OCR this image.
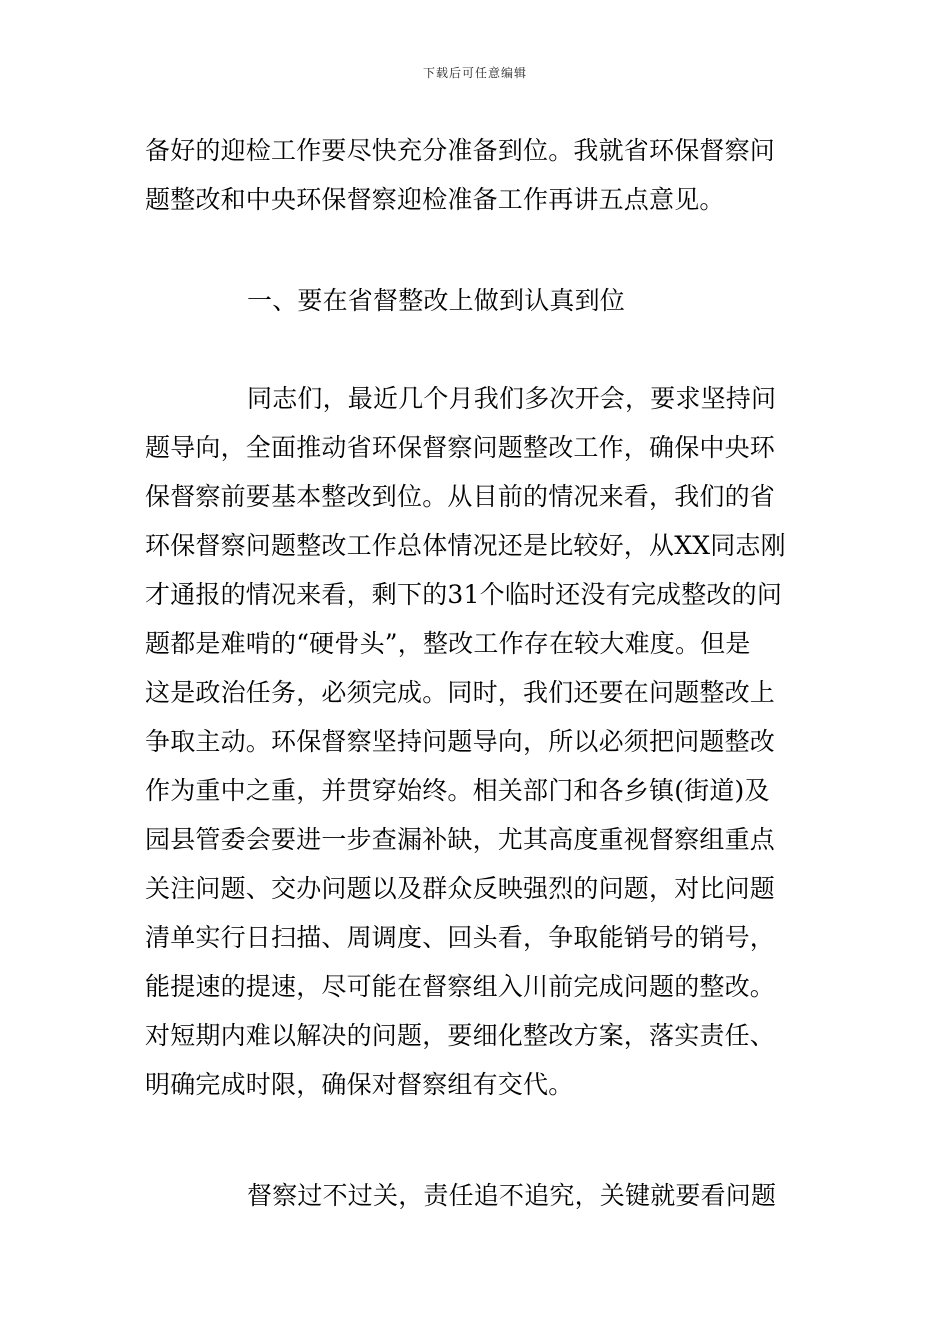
下载后可任意编辑
备好的迎检工作要尽快充分准备到位。我就省环保督察问
题整改和中央环保督察迎检准备工作再讲五点意见。
一、要在省督整改上做到认真到位
同志们，最近几个月我们多次开会，要求坚持问
题导向，全面推动省环保督察问题整改工作，确保中央环
保督察前要基本整改到位。从目前的情况来看，我们的省
环保督察问题整改工作总体情况还是比较好，从XX同志刚
才通报的情况来看，剩下的31个临时还没有完成整改的问
题都是难啃的“硬骨头”，整改工作存在较大难度。但是
这是政治任务，必须完成。同时，我们还要在问题整改上
争取主动。环保督察坚持问题导向，所以必须把问题整改
作为重中之重，并贯穿始终。相关部门和各乡镇(街道)及
园县管委会要进一步查漏补缺，尤其高度重视督察组重点
关注问题、交办问题以及群众反映强烈的问题，对比问题
清单实行日扫描、周调度、回头看，争取能销号的销号，
能提速的提速，尽可能在督察组入川前完成问题的整改。
对短期内难以解决的问题，要细化整改方案，落实责任、
明确完成时限，确保对督察组有交代。
督察过不过关，责任追不追究，关键就要看问题
